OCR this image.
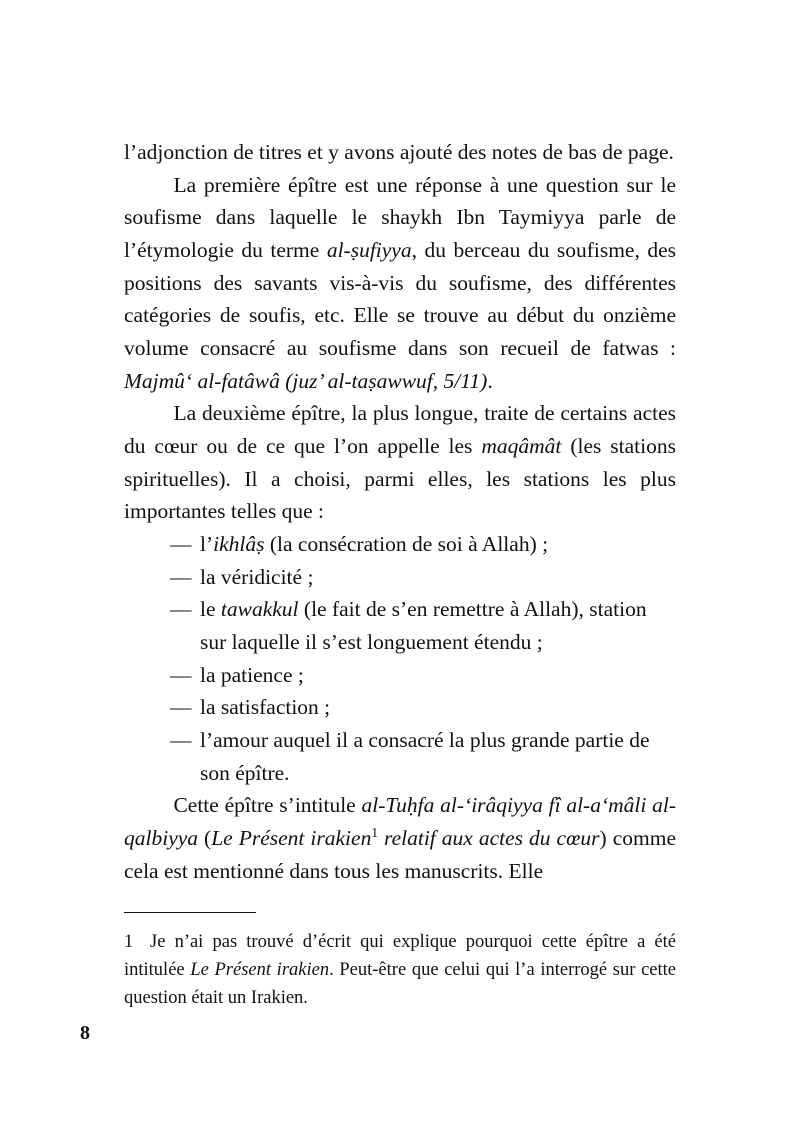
l’adjonction de titres et y avons ajouté des notes de bas de page.

La première épître est une réponse à une question sur le soufisme dans laquelle le shaykh Ibn Taymiyya parle de l’étymologie du terme al-ṣufiyya, du berceau du soufisme, des positions des savants vis-à-vis du soufisme, des différentes catégories de soufis, etc. Elle se trouve au début du onzième volume consacré au soufisme dans son recueil de fatwas : Majmû‘ al-fatâwâ (juz’ al-taṣawwuf, 5/11).

La deuxième épître, la plus longue, traite de certains actes du cœur ou de ce que l’on appelle les maqâmât (les stations spirituelles). Il a choisi, parmi elles, les stations les plus importantes telles que :

— l’ikhlâṣ (la consécration de soi à Allah) ;
— la véridicité ;
— le tawakkul (le fait de s’en remettre à Allah), station sur laquelle il s’est longuement étendu ;
— la patience ;
— la satisfaction ;
— l’amour auquel il a consacré la plus grande partie de son épître.

Cette épître s’intitule al-Tuḥfa al-‘irâqiyya fî al-a‘mâli al-qalbiyya (Le Présent irakien$^1$ relatif aux actes du cœur) comme cela est mentionné dans tous les manuscrits. Elle

1 Je n’ai pas trouvé d’écrit qui explique pourquoi cette épître a été intitulée Le Présent irakien. Peut-être que celui qui l’a interrogé sur cette question était un Irakien.
8
